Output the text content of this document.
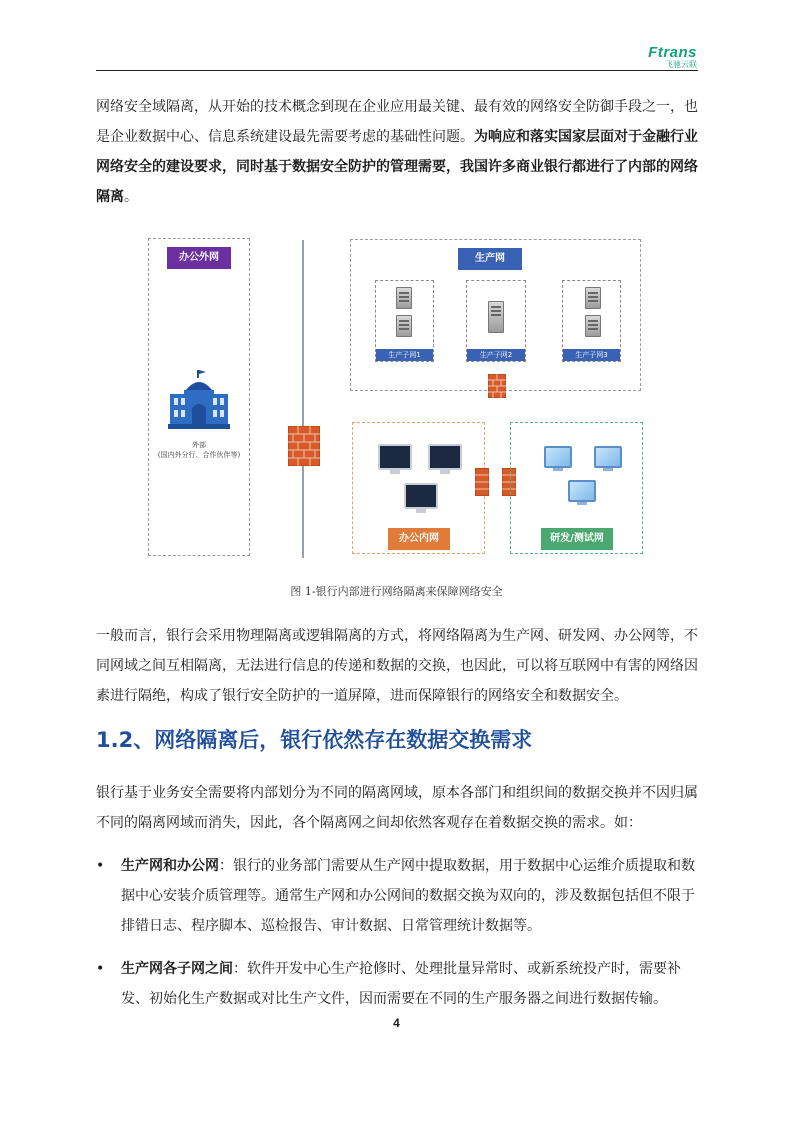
Ftrans
飞驰云联

网络安全域隔离，从开始的技术概念到现在企业应用最关键、最有效的网络安全防御手段之一，也是企业数据中心、信息系统建设最先需要考虑的基础性问题。为响应和落实国家层面对于金融行业网络安全的建设要求，同时基于数据安全防护的管理需要，我国许多商业银行都进行了内部的网络隔离。

办公外网
外部
(国内外分行、合作伙伴等)
生产网
生产子网1	生产子网2	生产子网3
办公内网	研发/测试网
图 1-银行内部进行网络隔离来保障网络安全

一般而言，银行会采用物理隔离或逻辑隔离的方式，将网络隔离为生产网、研发网、办公网等，不同网域之间互相隔离，无法进行信息的传递和数据的交换，也因此，可以将互联网中有害的网络因素进行隔绝，构成了银行安全防护的一道屏障，进而保障银行的网络安全和数据安全。

1.2、网络隔离后，银行依然存在数据交换需求

银行基于业务安全需要将内部划分为不同的隔离网域，原本各部门和组织间的数据交换并不因归属不同的隔离网域而消失，因此，各个隔离网之间却依然客观存在着数据交换的需求。如：

• 生产网和办公网：银行的业务部门需要从生产网中提取数据，用于数据中心运维介质提取和数据中心安装介质管理等。通常生产网和办公网间的数据交换为双向的，涉及数据包括但不限于排错日志、程序脚本、巡检报告、审计数据、日常管理统计数据等。
• 生产网各子网之间：软件开发中心生产抢修时、处理批量异常时、或新系统投产时，需要补发、初始化生产数据或对比生产文件，因而需要在不同的生产服务器之间进行数据传输。
4
